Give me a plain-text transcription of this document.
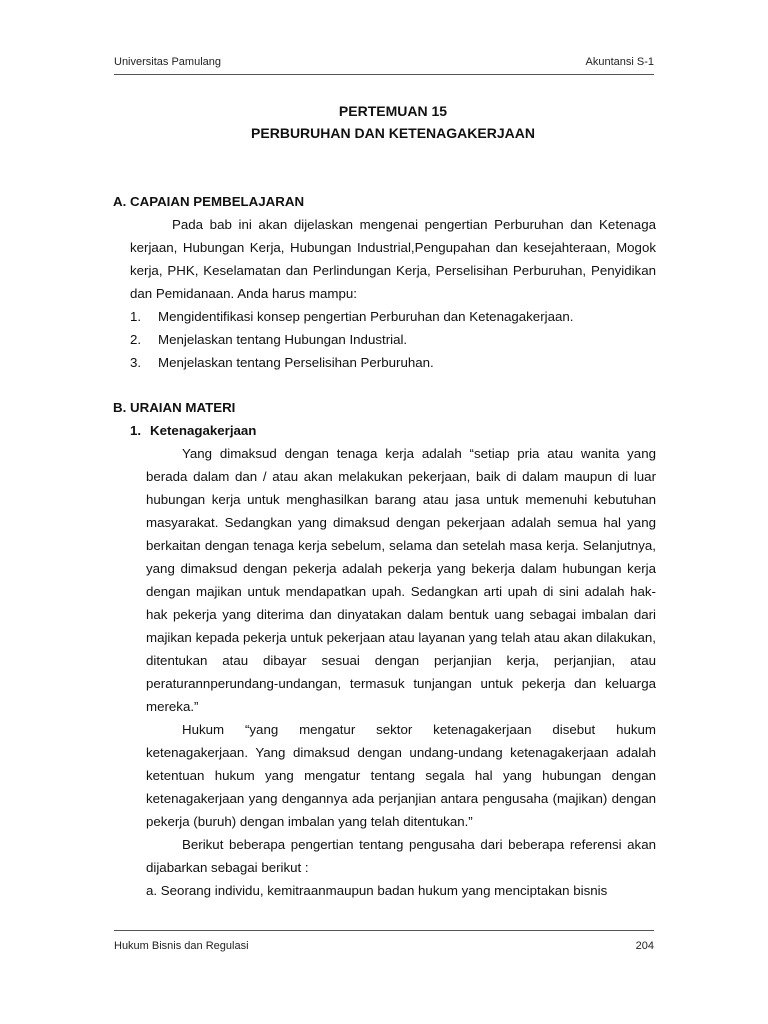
Universitas Pamulang	Akuntansi S-1

PERTEMUAN 15

PERBURUHAN DAN KETENAGAKERJAAN

A. CAPAIAN PEMBELAJARAN

Pada bab ini akan dijelaskan mengenai pengertian Perburuhan dan Ketenaga kerjaan, Hubungan Kerja, Hubungan Industrial,Pengupahan dan kesejahteraan, Mogok kerja, PHK, Keselamatan dan Perlindungan Kerja, Perselisihan Perburuhan, Penyidikan dan Pemidanaan. Anda harus mampu:

1.	Mengidentifikasi konsep pengertian Perburuhan dan Ketenagakerjaan.
2.	Menjelaskan tentang Hubungan Industrial.
3.	Menjelaskan tentang Perselisihan Perburuhan.
B. URAIAN MATERI
1. Ketenagakerjaan

Yang dimaksud dengan tenaga kerja adalah “setiap pria atau wanita yang berada dalam dan / atau akan melakukan pekerjaan, baik di dalam maupun di luar hubungan kerja untuk menghasilkan barang atau jasa untuk memenuhi kebutuhan masyarakat. Sedangkan yang dimaksud dengan pekerjaan adalah semua hal yang berkaitan dengan tenaga kerja sebelum, selama dan setelah masa kerja. Selanjutnya, yang dimaksud dengan pekerja adalah pekerja yang bekerja dalam hubungan kerja dengan majikan untuk mendapatkan upah. Sedangkan arti upah di sini adalah hak-hak pekerja yang diterima dan dinyatakan dalam bentuk uang sebagai imbalan dari majikan kepada pekerja untuk pekerjaan atau layanan yang telah atau akan dilakukan, ditentukan atau dibayar sesuai dengan perjanjian kerja, perjanjian, atau peraturannperundang-undangan, termasuk tunjangan untuk pekerja dan keluarga mereka.”

Hukum “yang mengatur sektor ketenagakerjaan disebut hukum ketenagakerjaan. Yang dimaksud dengan undang-undang ketenagakerjaan adalah ketentuan hukum yang mengatur tentang segala hal yang hubungan dengan ketenagakerjaan yang dengannya ada perjanjian antara pengusaha (majikan) dengan pekerja (buruh) dengan imbalan yang telah ditentukan.”

Berikut beberapa pengertian tentang pengusaha dari beberapa referensi akan dijabarkan sebagai berikut :

a. Seorang individu, kemitraanmaupun badan hukum yang menciptakan bisnis

Hukum Bisnis dan Regulasi	204
